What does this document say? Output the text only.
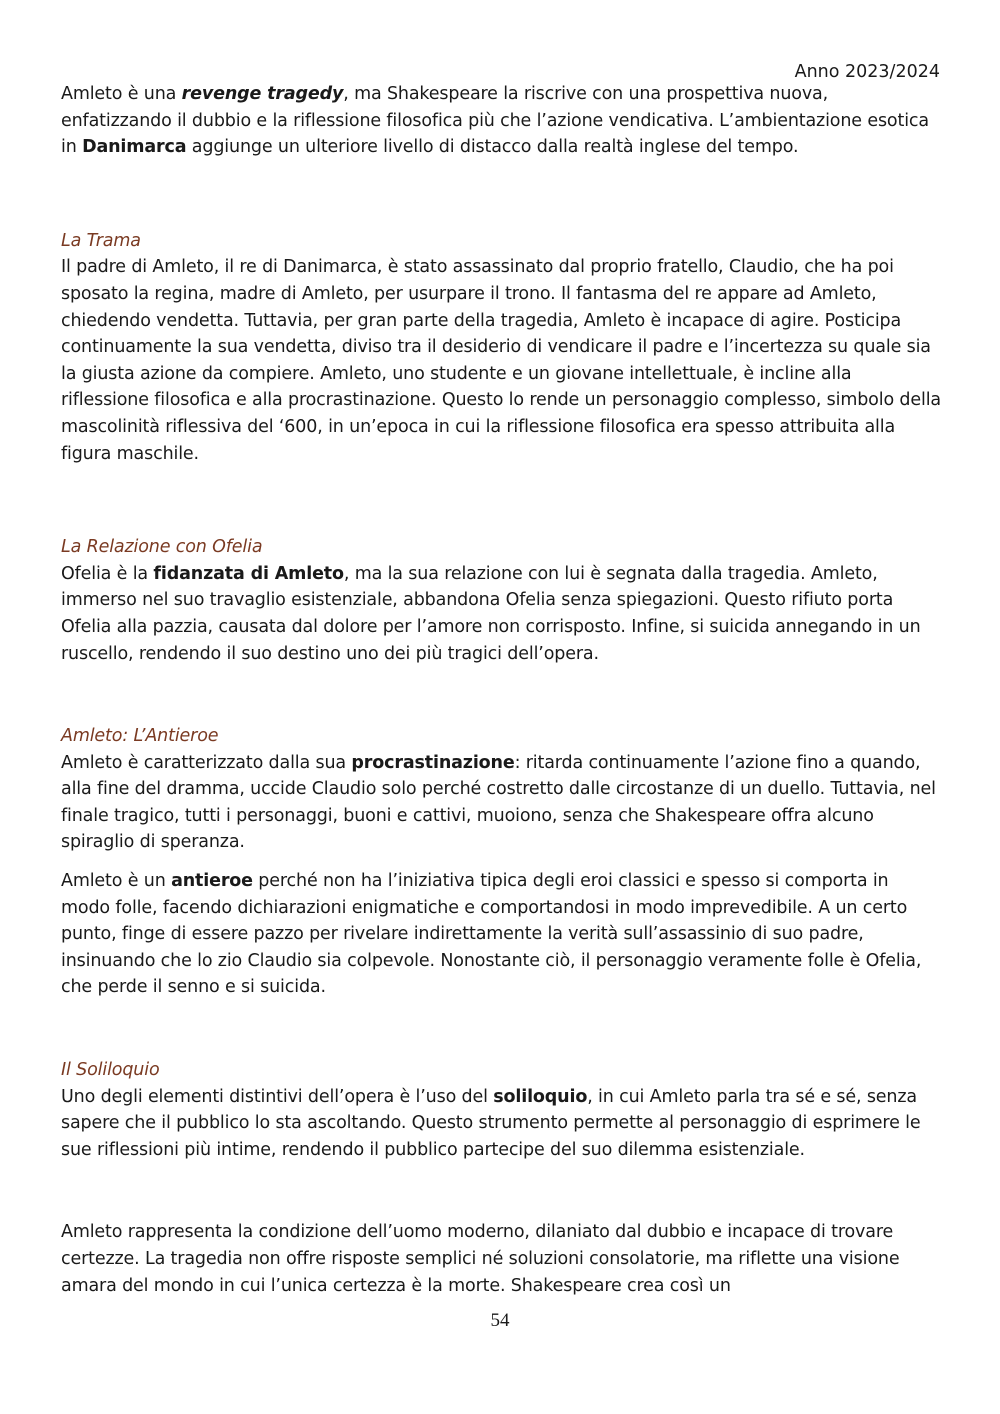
Anno 2023/2024

Amleto è una revenge tragedy, ma Shakespeare la riscrive con una prospettiva nuova, enfatizzando il dubbio e la riflessione filosofica più che l’azione vendicativa. L’ambientazione esotica in Danimarca aggiunge un ulteriore livello di distacco dalla realtà inglese del tempo.

La Trama

Il padre di Amleto, il re di Danimarca, è stato assassinato dal proprio fratello, Claudio, che ha poi sposato la regina, madre di Amleto, per usurpare il trono. Il fantasma del re appare ad Amleto, chiedendo vendetta. Tuttavia, per gran parte della tragedia, Amleto è incapace di agire. Posticipa continuamente la sua vendetta, diviso tra il desiderio di vendicare il padre e l’incertezza su quale sia la giusta azione da compiere. Amleto, uno studente e un giovane intellettuale, è incline alla riflessione filosofica e alla procrastinazione. Questo lo rende un personaggio complesso, simbolo della mascolinità riflessiva del ‘600, in un’epoca in cui la riflessione filosofica era spesso attribuita alla figura maschile.

La Relazione con Ofelia

Ofelia è la fidanzata di Amleto, ma la sua relazione con lui è segnata dalla tragedia. Amleto, immerso nel suo travaglio esistenziale, abbandona Ofelia senza spiegazioni. Questo rifiuto porta Ofelia alla pazzia, causata dal dolore per l’amore non corrisposto. Infine, si suicida annegando in un ruscello, rendendo il suo destino uno dei più tragici dell’opera.

Amleto: L’Antieroe

Amleto è caratterizzato dalla sua procrastinazione: ritarda continuamente l’azione fino a quando, alla fine del dramma, uccide Claudio solo perché costretto dalle circostanze di un duello. Tuttavia, nel finale tragico, tutti i personaggi, buoni e cattivi, muoiono, senza che Shakespeare offra alcuno spiraglio di speranza.

Amleto è un antieroe perché non ha l’iniziativa tipica degli eroi classici e spesso si comporta in modo folle, facendo dichiarazioni enigmatiche e comportandosi in modo imprevedibile. A un certo punto, finge di essere pazzo per rivelare indirettamente la verità sull’assassinio di suo padre, insinuando che lo zio Claudio sia colpevole. Nonostante ciò, il personaggio veramente folle è Ofelia, che perde il senno e si suicida.

Il Soliloquio

Uno degli elementi distintivi dell’opera è l’uso del soliloquio, in cui Amleto parla tra sé e sé, senza sapere che il pubblico lo sta ascoltando. Questo strumento permette al personaggio di esprimere le sue riflessioni più intime, rendendo il pubblico partecipe del suo dilemma esistenziale.

Amleto rappresenta la condizione dell’uomo moderno, dilaniato dal dubbio e incapace di trovare certezze. La tragedia non offre risposte semplici né soluzioni consolatorie, ma riflette una visione amara del mondo in cui l’unica certezza è la morte. Shakespeare crea così un

54
